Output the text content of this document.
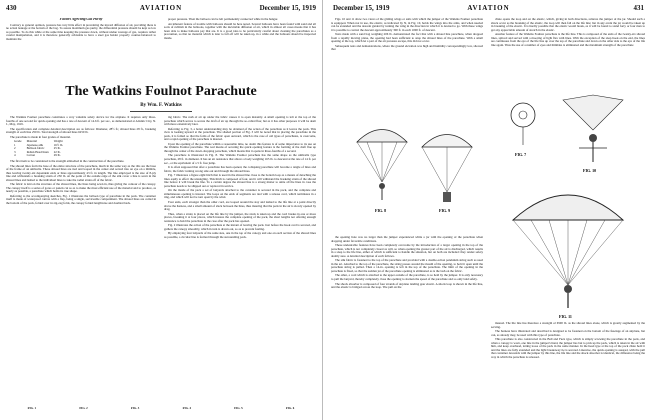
430	AVIATION	December 15, 1919

Factors Affecting Gas Purity

Contrary to general opinion, pressure has very little effect in preventing the inward diffusion of air, providing there is no actual leakage at the bottom of the bag. To assure maximum gas purity, the differential pressure should be kept as low as possible. To do this while at the same time keeping the pressure down, without undue wastage of gas, requires rather careful manipulation, and it is therefore generally advisable to have a steel gas holder properly counter-balanced to maintain the

proper pressure. Then the balloon can be left permanently connected while in the hangar.

An inherent feature of trouble with balloons should be here noted. Several balloons have been found with sand and all sorts of rubbish in the balloons, together with the inevitable diffusion of air, which in almost all cases means that it has been able to make balloons pay that are. It is a good idea to be particularly careful about cleaning the parachutes as a precaution, so that no material which is later to fall off will be taken up, in a while and the balloons should be inspected inside.

The Watkins Foulnot Parachute
By Wm. F. Watkins

The Watkins Foulnot parachute constitutes a very valuable safety device for the airplane. It requires only three-fourths of one second for quick opening and has a rate of descent of 14.6 ft. per sec., as demonstrated at Atlantic City, N. J., May, 1919.

The specification and complete detailed description are as follows: Diameter, 28½ ft.; shroud lines 28 ft., breaking strength of each line 250 lb. Total strength of shroud lines 6250 lb.

The parachute is made in four grades of material.

Grade	Material	Weight
1	Japanese-silk	16½ lb.
2	Balloon fabric	25 lb.
3	Indian Head linen	22 lb.
4	Cotton	29 lb.

The first item to be considered is the strength embodied in the construction of the parachute.

The shroud lines form the base of the entire structure of the parachute, much in the same way as the ribs are the base of the frame of an umbrella. These shroud lines are tied and looped in the center and served into an eye on a thimble, thus leaving twenty-six dependent ends or lines approximately 43 ft. in length. The line employed is the size of 8-ply line and withstands a breaking strain of 250 lb. At the point of the outside edge of the silk cover a line is sewn in the shroud lines and lashed to the individual lines to take the radial strain off of the fabric.

The fabric is laid on the structure of the shroud lines, the lines being sewn in, thus giving the contour of the canopy. The canopy itself is a series of gores or panels cut so as to make the most efficient use of the material and to produce, as nearly as possible, a parachute which holds its true shape.

Referring to the accompanying sketches, Fig. 1 illustrates the balloon type of parachute in the pack. The container itself is made of waterproof canvas with a flap, being a single, serviceable compartment. The shroud lines are coiled in the bottom of the pack, folded over in zig-zag folds, the canopy folded lengthwise and doubled back.

ing fabric. The rush of air up under the fabric causes it to open instantly. A small opening is left at the top of the parachute which serves to secure the draft of air up through the so-called flue; but as it has other purposes it will be dealt with more extensively later.

Referring to Fig. 3, a better understanding may be obtained of the action of the parachute as it leaves the pack. This view is looking upward at the parachute. The shaded portion of Fig. 3 will be noted that in placing the parachute in the pack, it is folded so that the folds of the fabric open outward, which is the case of old types of parachutes, is overcome, and a rapid opening of the parachute is insured.

Upon the opening of the parachute within a reasonable time, no doubt this feature is of some importance to its use on the Watkins Foulnot parachute. The real means of securing the quick opening feature is the forming of the draft flue up through the center of the down-dropping parachute, which means that it opens in three-fourths of a second.

The parachute is illustrated in Fig. 8. The Watkins Foulnot parachute has the same shape as the umbrella type parachute, 28 ft. in diameter. It has an air resistance that allows a body weighing 165 lb. to descend at the rate of 14 ft. per sec., or the equivalent of a 5 ft. free jump.

It is often supposed that after a parachute has been opened, the collapsing parachute will become a tangle of lines and fabric, the fabric turning wrong side out and through the shroud lines.

Fig. 7 illustrates a figure eight hitch that is used in the shroud line close to the bottom loop as a means of detaching the lines easily to effect the untangling. This hitch is composed of four, and it will withstand the breaking strain of the shroud line before it will break the line. To a certain degree the shroud line is a strong matter to untie all the lines in case the parachute needs to be shipped out or replaced in service.

On the inside of the pack a set of lanyards attached to the container is secured in the pack, and the complete and simultaneous opening is insured. The loops on the ends of segments are tied with a release cord, which terminates in a ring, and which will not be torn open by the wind.

Four ends, each stronger than the other cord, are looped around the stay and lashed to the life line at a point directly above the harness, and a small amount of slack between the lines, thus insuring that the pack in the air is slowly opened by drag.

Thus, when a strain is placed on the life line by the jumper, the slack is taken up and the cord breaks in one or more places, breaking it at four places, which insures the complete opening of the pack, the short lengths not offering enough resistance to hold the parachute in the case after the pack has opened.

Fig. 2 illustrates the action of the parachute at the instant of leaving the pack. Just before the hook cord is severed, and gathers the canopy smoothly, which in turn is drawn out, so as to prevent fouling.

By employing four lanyards of the same size, one in the top of the canopy and one on each section of the shroud lines as possible, a circular line is formed through the surrounding pack.

December 15, 1919	AVIATION	431

Figs. 10 and 11 show two views of the gliding wings or sails with which the jumper of the Watkins Foulnot parachute is equipped. When not in use, the elastic, as indicated by N, in Fig. 10, holds the wings into the arms, and when needed can be extended and the descent guided by turning the wing in the direction in which it is desired to go. With these wings it is possible to control the descent approximately 300 ft. in each 1000 ft. of descent.

Tests made with a sand bag weighing 206 lb. demonstrated the fact that with a shroud line parachute, when dropped from a rapidly moving plane, the opening had been sufficient to snap the shroud lines of the parachute. With a small opening at the top, which let a part of the air pressure escape, this did not occur.

Subsequent tests and demonstrations, where the ground elevation was high and humidity correspondingly low, showed that

FIG. 8	FIG. 9

the opening hole was no larger than the jumper experienced while a jar with the opening of the parachute when dropping under favorable conditions.

These undesirable features have been completely overcome by the introduction of a larger opening in the top of the parachute, which is not completely closed as will, so when opening the greater part of the air is discharged, which results in a snap to the life line, either of which is sufficient to handle the situation, but on both are included: they render safety doubly sure. A detailed description of each follows.

The silk fabric is fastened to the top of the parachute and provided with a double-action pendulum string such as used in the art. Attached to the top of the parachute, the string passes around the mouth of the opening, to hold it open until the parachute string is pulled. Then a 14-in. opening is left in the top of the parachute. The limit of the opening in the parachute is fixed, so that the sudden jar of the parachute opening is eliminated as is the lash on the fabric.

The other, a cord which is attached to the upper outside of the parachute, is so held by the jumper. It is only necessary to pull the lanyard, thereby completely close the opening to slacken the speed of the parachute and so only land safely.

The shock absorber is composed of four strands of airplane landing gear elastic. A shock loop is shown in the life line, and the elastic is bridged across the loop. The pull on the

chute opens the loop and on the elastic, which, giving in both directions, relieves the jumper of the jar. Should such a shock occur as the breaking of the elastic, the loop will then fall on the life line; but in any event the jar would be taken up in breaking of the elastic. It is hardly possible that the elastic would break, as it will be found to stand forty or four men to get any appreciable amount of stretch in the elastic.

Another feature of the Watkins Foulnot parachute is the life line. This is composed of the ends of the twenty-six shroud lines, spliced and served with a mooring of light flax with lines. With the exception of the snap hook on the end, the lines are continuous from the eye of the life line up over the top of the parachute and down on the other side to the eye of the life line again. Thus the use of a number of eyes and thimbles is eliminated and the maximum strength of the parachute

FIG. 7
FIG. 10
FIG. 11

insured. The life line has therefore a strength of 6500 lb. as the shroud lines alone, which is greatly augmented by the serving.

The harness have illustrated and described is designed to be fastened on the bottom of the fuselage of an airplane, but can, as already may, be used with this type of parachute.

This parachute is also constructed in the Ball and Fuzz type, which is simply screwing the parachute in the pack, and when a canopy is worn, one line in the jumper's hand, the jumper has but to pick up the pack, which is taken in the air with him, and keep overhead, letting loose of the pack in the same manner. In the head type at the top of the pack chute hold it and the lines are fully extended and the light breakaway tie is severed. Likewise, the quick opening is assured, with the pull that container descends with the jumper by this line, the life line and the shock absorber is identical, the difference being the way in which the parachute is released.

FIG. 1	FIG. 2	FIG. 3	FIG. 4	FIG. 5	FIG. 6
